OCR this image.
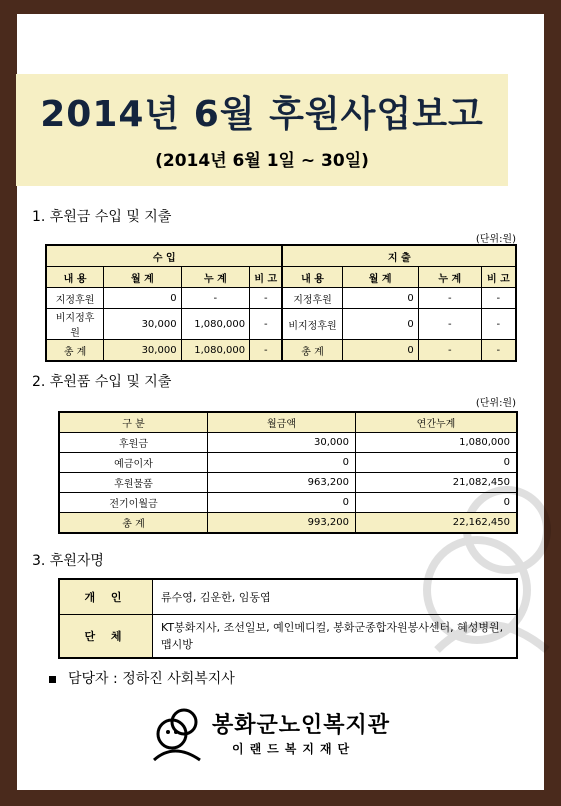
2014년 6월 후원사업보고
(2014년 6월 1일 ~ 30일)
1. 후원금 수입 및 지출
(단위:원)
수 입				지 출			
내 용	월 계	누 계	비 고	내 용	월 계	누 계	비 고
지정후원	0	-	-	지정후원	0	-	-
비지정후원	30,000	1,080,000	-	비지정후원	0	-	-
총 계	30,000	1,080,000	-	총 계	0	-	-
2. 후원품 수입 및 지출
(단위:원)
구 분	월금액	연간누계
후원금	30,000	1,080,000
예금이자	0	0
후원물품	963,200	21,082,450
전기이월금	0	0
총 계	993,200	22,162,450
3. 후원자명
개 인	류수영, 김운한, 임동엽
단 체	KT봉화지사, 조선일보, 예인메디컬, 봉화군종합자원봉사센터, 혜성병원, 맵시방
담당자 : 정하진 사회복지사
봉화군노인복지관
이랜드복지재단
